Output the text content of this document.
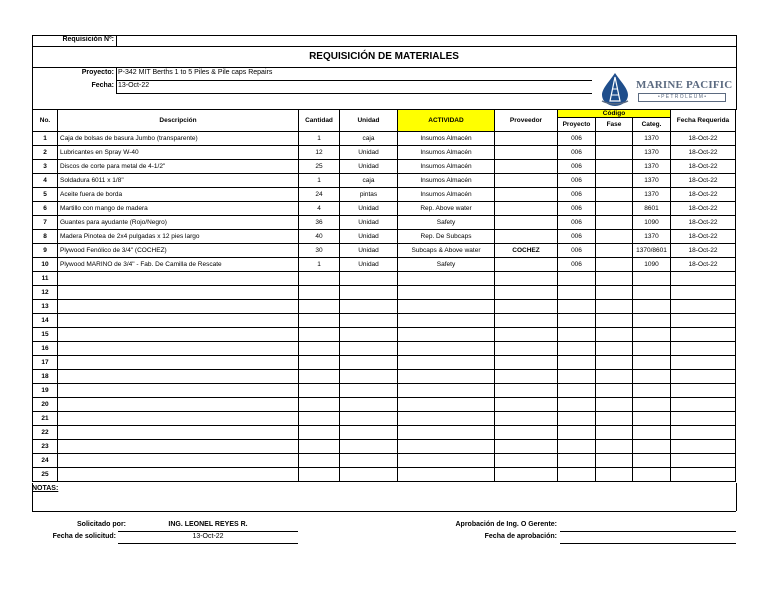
Requisición Nº:
REQUISICIÓN DE MATERIALES
Proyecto: P-342 MIT Berths 1 to 5 Piles & Pile caps Repairs
Fecha: 13-Oct-22	MARINE PACIFIC
• P E T R O L E U M •
No.	Descripción	Cantidad	Unidad	ACTIVIDAD	Proveedor	Código			Fecha Requerida
						Proyecto	Fase	Categ.	
1	Caja de bolsas de basura Jumbo (transparente)	1	caja	Insumos Almacén		006		1370	18-Oct-22
2	Lubricantes en Spray W-40	12	Unidad	Insumos Almacén		006		1370	18-Oct-22
3	Discos de corte para metal de 4-1/2"	25	Unidad	Insumos Almacén		006		1370	18-Oct-22
4	Soldadura 6011 x 1/8"	1	caja	Insumos Almacén		006		1370	18-Oct-22
5	Aceite fuera de borda	24	pintas	Insumos Almacén		006		1370	18-Oct-22
6	Martillo con mango de madera	4	Unidad	Rep. Above water		006		8601	18-Oct-22
7	Guantes para ayudante (Rojo/Negro)	36	Unidad	Safety		006		1090	18-Oct-22
8	Madera Pinotea de 2x4 pulgadas x 12 pies largo	40	Unidad	Rep. De Subcaps		006		1370	18-Oct-22
9	Plywood Fenólico de 3/4" (COCHEZ)	30	Unidad	Subcaps & Above water	COCHEZ	006		1370/8601	18-Oct-22
10	Plywood MARINO de 3/4" - Fab. De Camilla de Rescate	1	Unidad	Safety		006		1090	18-Oct-22
11									
12									
13									
14									
15									
16									
17									
18									
19									
20									
21									
22									
23									
24									
25									
NOTAS:
Solicitado por:	ING. LEONEL REYES R.
Fecha de solicitud:	13-Oct-22
Aprobación de Ing. O Gerente:
Fecha de aprobación:
